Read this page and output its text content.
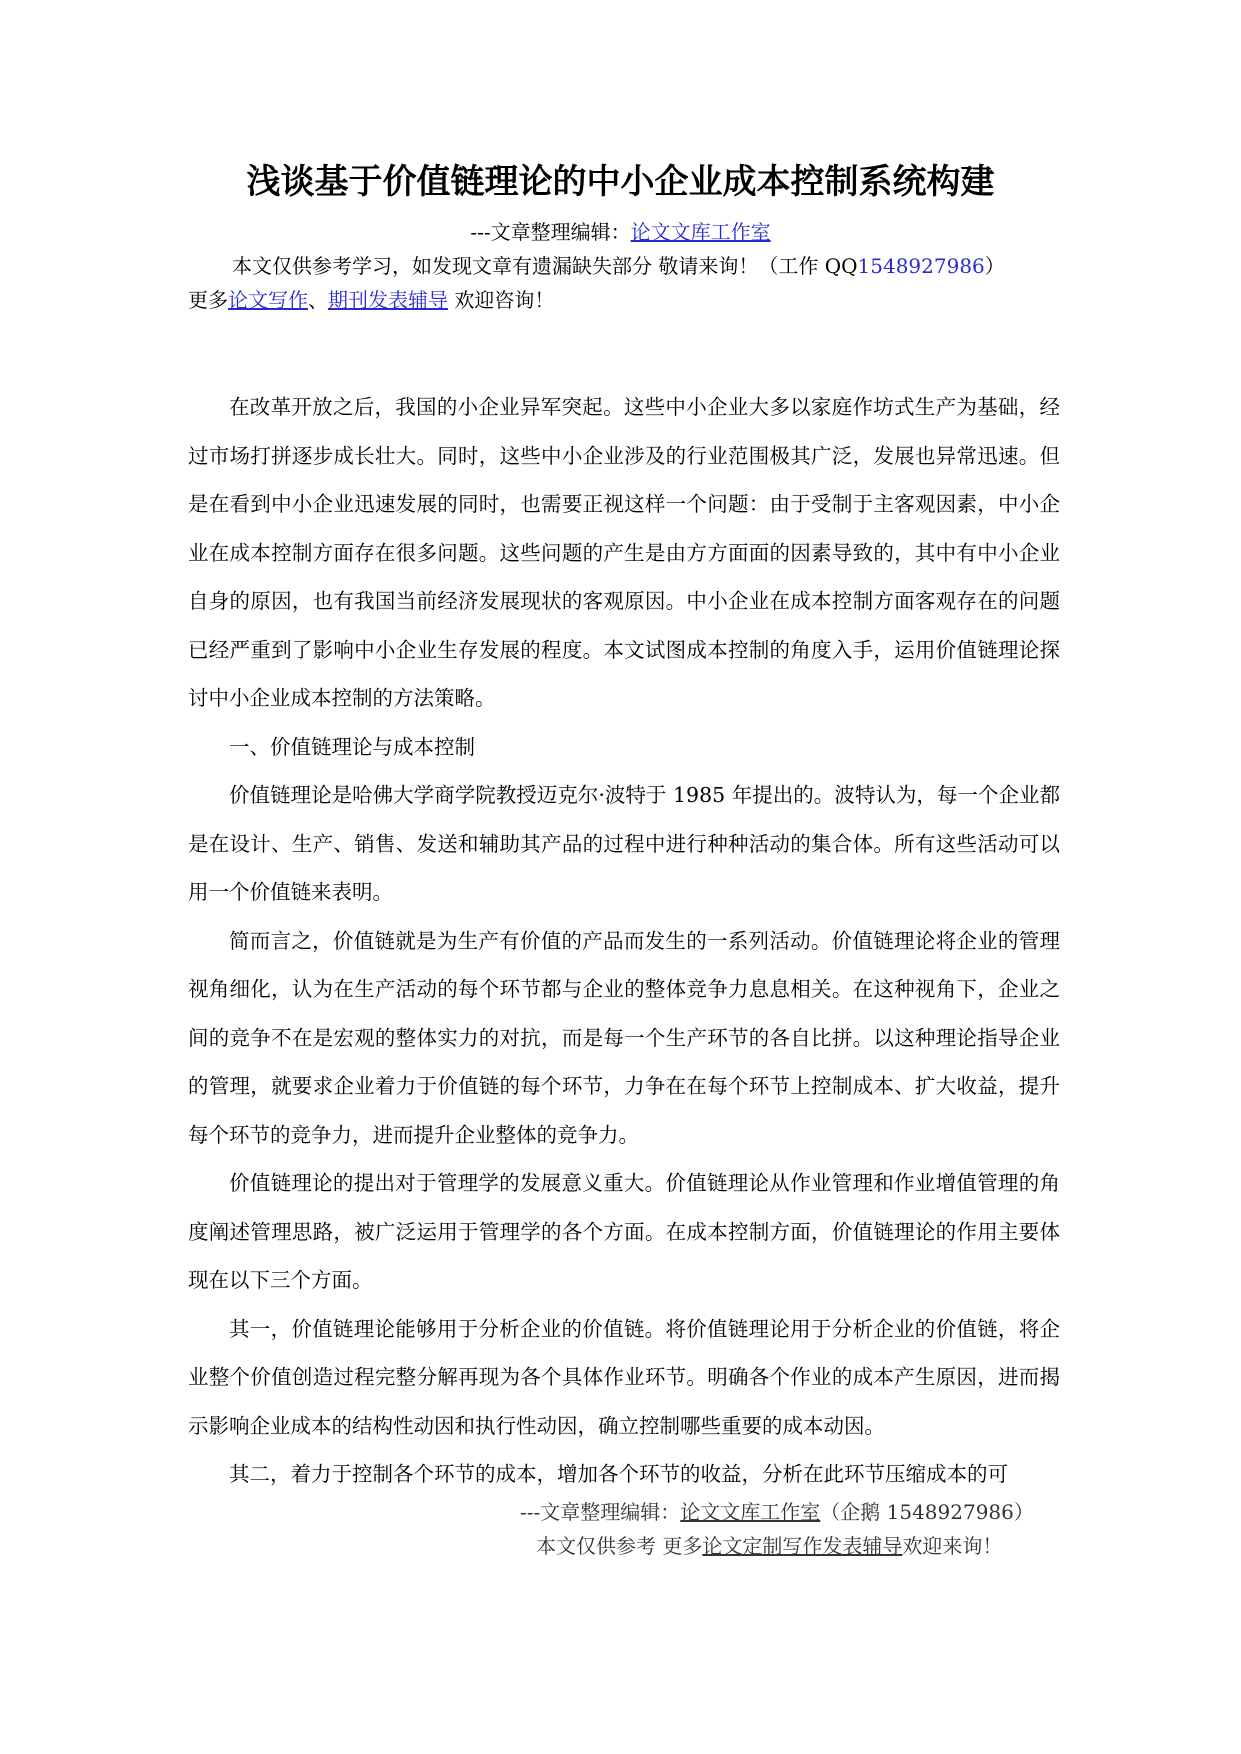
浅谈基于价值链理论的中小企业成本控制系统构建
---文章整理编辑：论文文库工作室
本文仅供参考学习，如发现文章有遗漏缺失部分 敬请来询！（工作 QQ1548927986）
更多论文写作、期刊发表辅导 欢迎咨询！

在改革开放之后，我国的小企业异军突起。这些中小企业大多以家庭作坊式生产为基础，经过市场打拼逐步成长壮大。同时，这些中小企业涉及的行业范围极其广泛，发展也异常迅速。但是在看到中小企业迅速发展的同时，也需要正视这样一个问题：由于受制于主客观因素，中小企业在成本控制方面存在很多问题。这些问题的产生是由方方面面的因素导致的，其中有中小企业自身的原因，也有我国当前经济发展现状的客观原因。中小企业在成本控制方面客观存在的问题已经严重到了影响中小企业生存发展的程度。本文试图成本控制的角度入手，运用价值链理论探讨中小企业成本控制的方法策略。

一、价值链理论与成本控制

价值链理论是哈佛大学商学院教授迈克尔·波特于 1985 年提出的。波特认为，每一个企业都是在设计、生产、销售、发送和辅助其产品的过程中进行种种活动的集合体。所有这些活动可以用一个价值链来表明。

简而言之，价值链就是为生产有价值的产品而发生的一系列活动。价值链理论将企业的管理视角细化，认为在生产活动的每个环节都与企业的整体竞争力息息相关。在这种视角下，企业之间的竞争不在是宏观的整体实力的对抗，而是每一个生产环节的各自比拼。以这种理论指导企业的管理，就要求企业着力于价值链的每个环节，力争在在每个环节上控制成本、扩大收益，提升每个环节的竞争力，进而提升企业整体的竞争力。

价值链理论的提出对于管理学的发展意义重大。价值链理论从作业管理和作业增值管理的角度阐述管理思路，被广泛运用于管理学的各个方面。在成本控制方面，价值链理论的作用主要体现在以下三个方面。

其一，价值链理论能够用于分析企业的价值链。将价值链理论用于分析企业的价值链，将企业整个价值创造过程完整分解再现为各个具体作业环节。明确各个作业的成本产生原因，进而揭示影响企业成本的结构性动因和执行性动因，确立控制哪些重要的成本动因。

其二，着力于控制各个环节的成本，增加各个环节的收益，分析在此环节压缩成本的可

---文章整理编辑：论文文库工作室（企鹅 1548927986）
本文仅供参考 更多论文定制写作发表辅导欢迎来询！
